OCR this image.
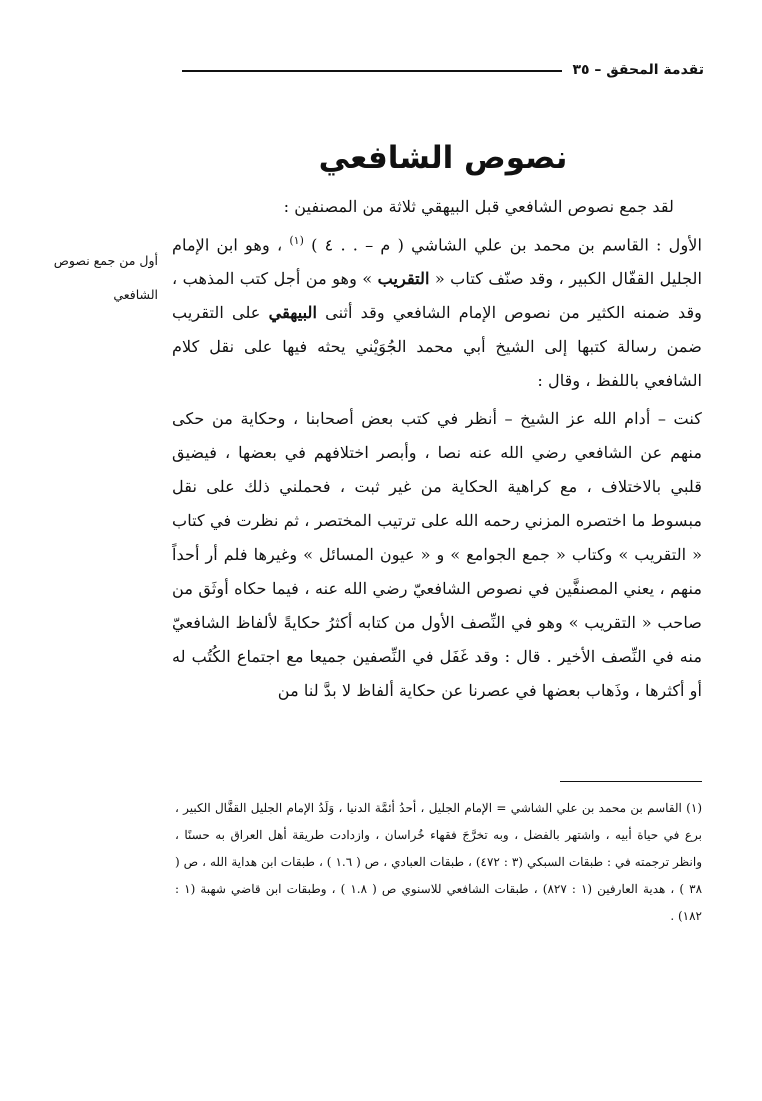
تقدمة المحقق – ٣٥
نصوص الشافعي
أول من جمع نصوص الشافعي

لقد جمع نصوص الشافعي قبل البيهقي ثلاثة من المصنفين :

الأول : القاسم بن محمد بن علي الشاشي ( م – . . ٤ ) $^{(١)}$ ، وهو ابن الإمام الجليل القفّال الكبير ، وقد صنّف كتاب « التقريب » وهو من أجل كتب المذهب ، وقد ضمنه الكثير من نصوص الإمام الشافعي وقد أثنى البيهقي على التقريب ضمن رسالة كتبها إلى الشيخ أبي محمد الجُوَيْني يحثه فيها على نقل كلام الشافعي باللفظ ، وقال :

كنت – أدام الله عز الشيخ – أنظر في كتب بعض أصحابنا ، وحكاية من حكى منهم عن الشافعي رضي الله عنه نصا ، وأبصر اختلافهم في بعضها ، فيضيق قلبي بالاختلاف ، مع كراهية الحكاية من غير ثبت ، فحملني ذلك على نقل مبسوط ما اختصره المزني رحمه الله على ترتيب المختصر ، ثم نظرت في كتاب « التقريب » وكتاب « جمع الجوامع » و « عيون المسائل » وغيرها فلم أر أحداً منهم ، يعني المصنفَّين في نصوص الشافعيّ رضي الله عنه ، فيما حكاه أوثَق من صاحب « التقريب » وهو في النِّصف الأول من كتابه أكثرُ حكايةً لألفاظ الشافعيّ منه في النِّصف الأخير . قال : وقد غَفَل في النِّصفين جميعا مع اجتماع الكُتُب له أو أكثرها ، وذَهاب بعضها في عصرنا عن حكاية ألفاظ لا بدَّ لنا من

(١) القاسم بن محمد بن علي الشاشي = الإمام الجليل ، أحدُ أئمَّة الدنيا ، وَلَدُ الإمام الجليل القفَّال الكبير ، برع في حياة أبيه ، واشتهر بالفضل ، وبه تخرَّجَ فقهاء خُراسان ، وازدادت طريقة أهل العراق به حسنًا ، وانظر ترجمته في : طبقات السبكي (٣ : ٤٧٢) ، طبقات العبادي ، ص ( ١.٦ ) ، طبقات ابن هداية الله ، ص ( ٣٨ ) ، هدية العارفين (١ : ٨٢٧) ، طبقات الشافعي للاسنوي ص ( ١.٨ ) ، وطبقات ابن قاضي شهبة (١ : ١٨٢) .
